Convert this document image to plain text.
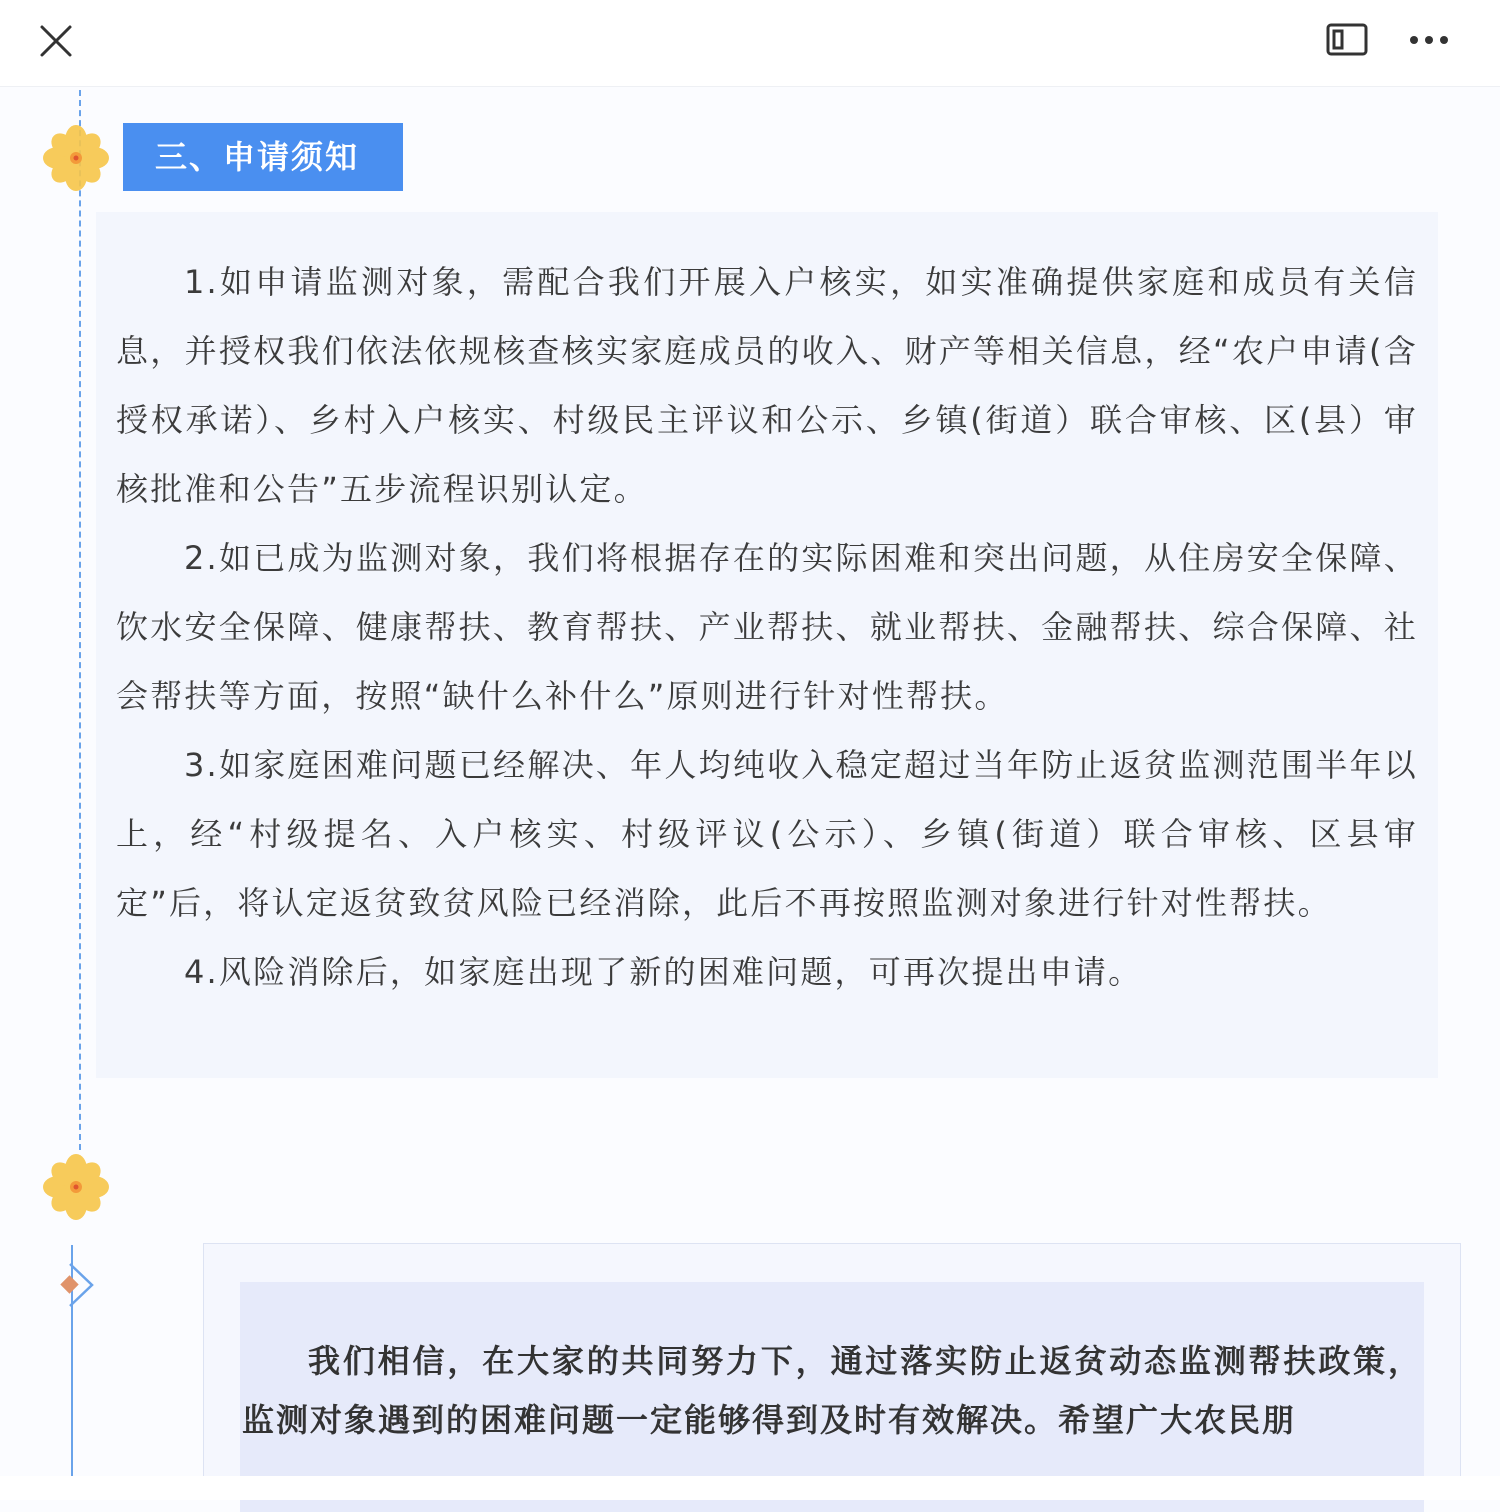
三、申请须知

1.如申请监测对象，需配合我们开展入户核实，如实准确提供家庭和成员有关信息，并授权我们依法依规核查核实家庭成员的收入、财产等相关信息，经“农户申请(含授权承诺）、乡村入户核实、村级民主评议和公示、乡镇(街道）联合审核、区(县）审核批准和公告”五步流程识别认定。

2.如已成为监测对象，我们将根据存在的实际困难和突出问题，从住房安全保障、饮水安全保障、健康帮扶、教育帮扶、产业帮扶、就业帮扶、金融帮扶、综合保障、社会帮扶等方面，按照“缺什么补什么”原则进行针对性帮扶。

3.如家庭困难问题已经解决、年人均纯收入稳定超过当年防止返贫监测范围半年以上，经“村级提名、入户核实、村级评议(公示）、乡镇(街道）联合审核、区县审定”后，将认定返贫致贫风险已经消除，此后不再按照监测对象进行针对性帮扶。

4.风险消除后，如家庭出现了新的困难问题，可再次提出申请。

我们相信，在大家的共同努力下，通过落实防止返贫动态监测帮扶政策，监测对象遇到的困难问题一定能够得到及时有效解决。希望广大农民朋
